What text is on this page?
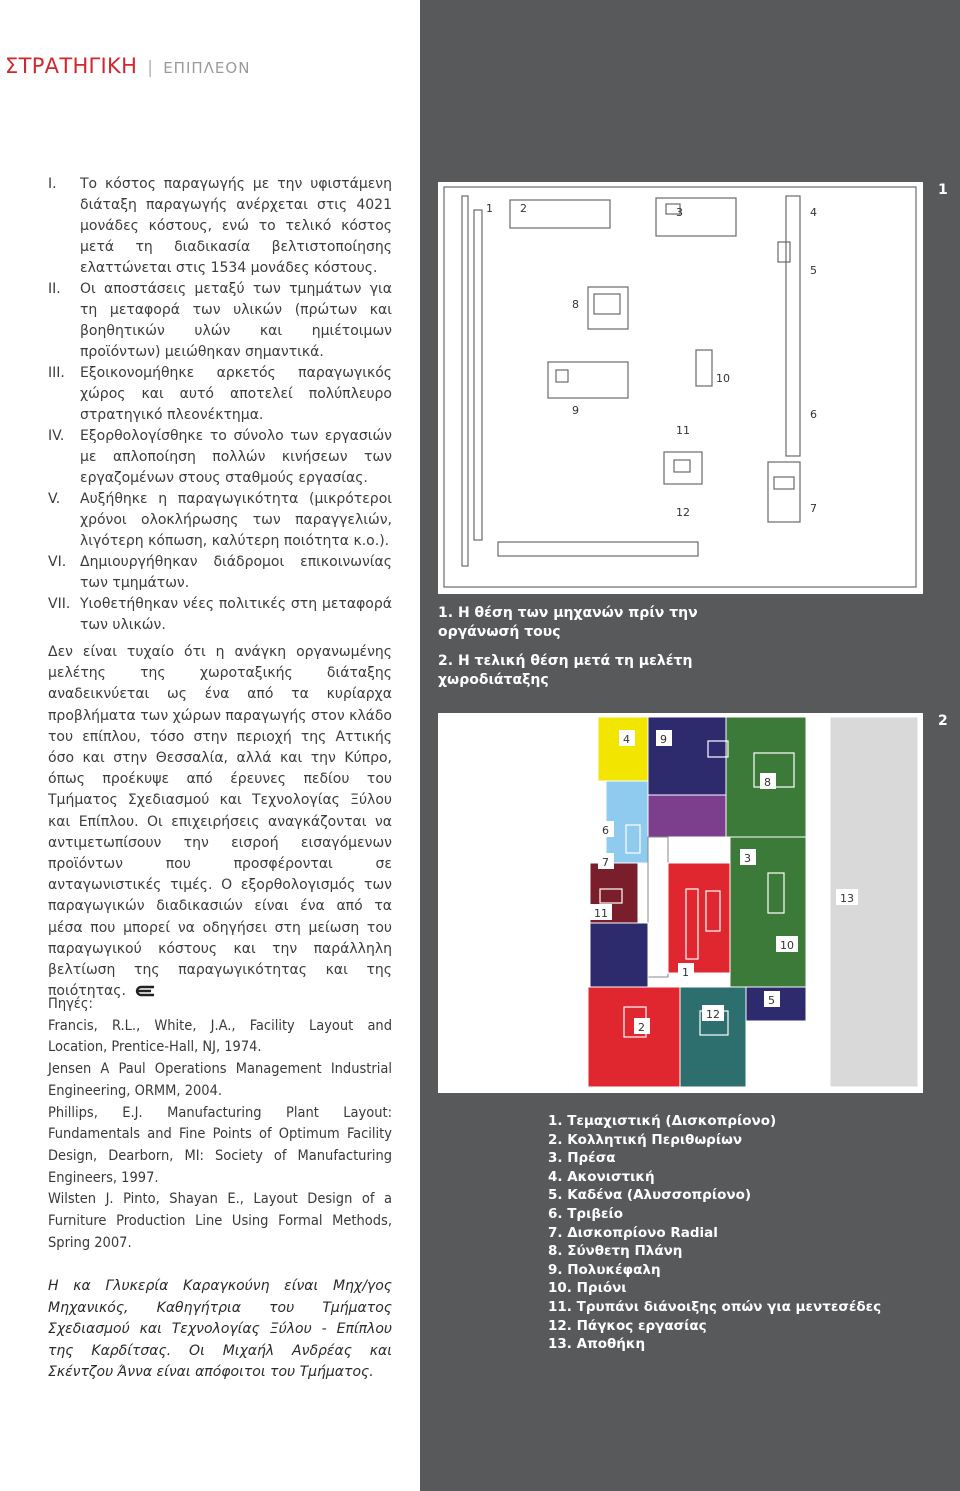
ΣΤΡΑΤΗΓΙΚΗ | ΕΠΙΠΛΕΟΝ
I. Το κόστος παραγωγής με την υφιστάμενη διάταξη παραγωγής ανέρχεται στις 4021 μονάδες κόστους, ενώ το τελικό κόστος μετά τη διαδικασία βελτιστοποίησης ελαττώνεται στις 1534 μονάδες κόστους.
II. Οι αποστάσεις μεταξύ των τμημάτων για τη μεταφορά των υλικών (πρώτων και βοηθητικών υλών και ημιέτοιμων προϊόντων) μειώθηκαν σημαντικά.
III. Εξοικονομήθηκε αρκετός παραγωγικός χώρος και αυτό αποτελεί πολύπλευρο στρατηγικό πλεονέκτημα.
IV. Εξορθολογίσθηκε το σύνολο των εργασιών με απλοποίηση πολλών κινήσεων των εργαζομένων στους σταθμούς εργασίας.
V. Αυξήθηκε η παραγωγικότητα (μικρότεροι χρόνοι ολοκλήρωσης των παραγγελιών, λιγότερη κόπωση, καλύτερη ποιότητα κ.ο.).
VI. Δημιουργήθηκαν διάδρομοι επικοινωνίας των τμημάτων.
VII. Υιοθετήθηκαν νέες πολιτικές στη μεταφορά των υλικών.
Δεν είναι τυχαίο ότι η ανάγκη οργανωμένης μελέτης της χωροταξικής διάταξης αναδεικνύεται ως ένα από τα κυρίαρχα προβλήματα των χώρων παραγωγής στον κλάδο του επίπλου, τόσο στην περιοχή της Αττικής όσο και στην Θεσσαλία, αλλά και την Κύπρο, όπως προέκυψε από έρευνες πεδίου του Τμήματος Σχεδιασμού και Τεχνολογίας Ξύλου και Επίπλου. Οι επιχειρήσεις αναγκάζονται να αντιμετωπίσουν την εισροή εισαγόμενων προϊόντων που προσφέρονται σε ανταγωνιστικές τιμές. Ο εξορθολογισμός των παραγωγικών διαδικασιών είναι ένα από τα μέσα που μπορεί να οδηγήσει στη μείωση του παραγωγικού κόστους και την παράλληλη βελτίωση της παραγωγικότητας και της ποιότητας.
Πηγές:
Francis, R.L., White, J.A., Facility Layout and Location, Prentice-Hall, NJ, 1974.
Jensen A Paul Operations Management Industrial Engineering, ORMM, 2004.
Phillips, E.J. Manufacturing Plant Layout: Fundamentals and Fine Points of Optimum Facility Design, Dearborn, MI: Society of Manufacturing Engineers, 1997.
Wilsten J. Pinto, Shayan E., Layout Design of a Furniture Production Line Using Formal Methods, Spring 2007.
Η κα Γλυκερία Καραγκούνη είναι Μηχ/γος Μηχανικός, Καθηγήτρια του Τμήματος Σχεδιασμού και Τεχνολογίας Ξύλου - Επίπλου της Καρδίτσας. Οι Μιχαήλ Ανδρέας και Σκέντζου Άννα είναι απόφοιτοι του Τμήματος.
1
2
1 2	3	4
5
6
7
8
9
10
11
12
1. Η θέση των μηχανών πρίν την οργάνωσή τους
2. Η τελική θέση μετά τη μελέτη χωροδιάταξης
4	9
8
6
7	3
11
10
13
1
5
12
2
1. Τεμαχιστική (Δισκοπρίονο)
2. Κολλητική Περιθωρίων
3. Πρέσα
4. Ακονιστική
5. Καδένα (Αλυσσοπρίονο)
6. Τριβείο
7. Δισκοπρίονο Radial
8. Σύνθετη Πλάνη
9. Πολυκέφαλη
10. Πριόνι
11. Τρυπάνι διάνοιξης οπών για μεντεσέδες
12. Πάγκος εργασίας
13. Αποθήκη
